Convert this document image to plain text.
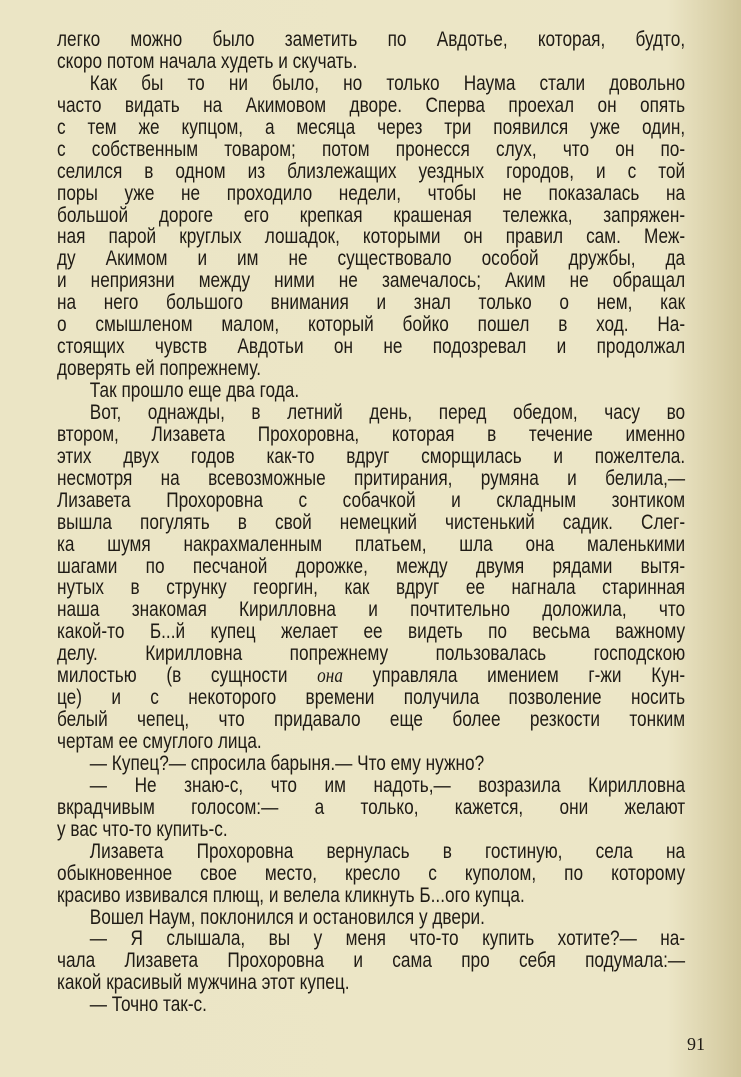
легко можно было заметить по Авдотье, которая, будто,
скоро потом начала худеть и скучать.
Как бы то ни было, но только Наума стали довольно
часто видать на Акимовом дворе. Сперва проехал он опять
с тем же купцом, а месяца через три появился уже один,
с собственным товаром; потом пронесся слух, что он по-
селился в одном из близлежащих уездных городов, и с той
поры уже не проходило недели, чтобы не показалась на
большой дороге его крепкая крашеная тележка, запряжен-
ная парой круглых лошадок, которыми он правил сам. Меж-
ду Акимом и им не существовало особой дружбы, да
и неприязни между ними не замечалось; Аким не обращал
на него большого внимания и знал только о нем, как
о смышленом малом, который бойко пошел в ход. На-
стоящих чувств Авдотьи он не подозревал и продолжал
доверять ей попрежнему.
Так прошло еще два года.
Вот, однажды, в летний день, перед обедом, часу во
втором, Лизавета Прохоровна, которая в течение именно
этих двух годов как-то вдруг сморщилась и пожелтела.
несмотря на всевозможные притирания, румяна и белила,—
Лизавета Прохоровна с собачкой и складным зонтиком
вышла погулять в свой немецкий чистенький садик. Слег-
ка шумя накрахмаленным платьем, шла она маленькими
шагами по песчаной дорожке, между двумя рядами вытя-
нутых в струнку георгин, как вдруг ее нагнала старинная
наша знакомая Кирилловна и почтительно доложила, что
какой-то Б...й купец желает ее видеть по весьма важному
делу. Кирилловна попрежнему пользовалась господскою
милостью (в сущности она управляла имением г-жи Кун-
це) и с некоторого времени получила позволение носить
белый чепец, что придавало еще более резкости тонким
чертам ее смуглого лица.
— Купец?— спросила барыня.— Что ему нужно?
— Не знаю-с, что им надоть,— возразила Кирилловна
вкрадчивым голосом:— а только, кажется, они желают
у вас что-то купить-с.
Лизавета Прохоровна вернулась в гостиную, села на
обыкновенное свое место, кресло с куполом, по которому
красиво извивался плющ, и велела кликнуть Б...ого купца.
Вошел Наум, поклонился и остановился у двери.
— Я слышала, вы у меня что-то купить хотите?— на-
чала Лизавета Прохоровна и сама про себя подумала:—
какой красивый мужчина этот купец.
— Точно так-с.
91
